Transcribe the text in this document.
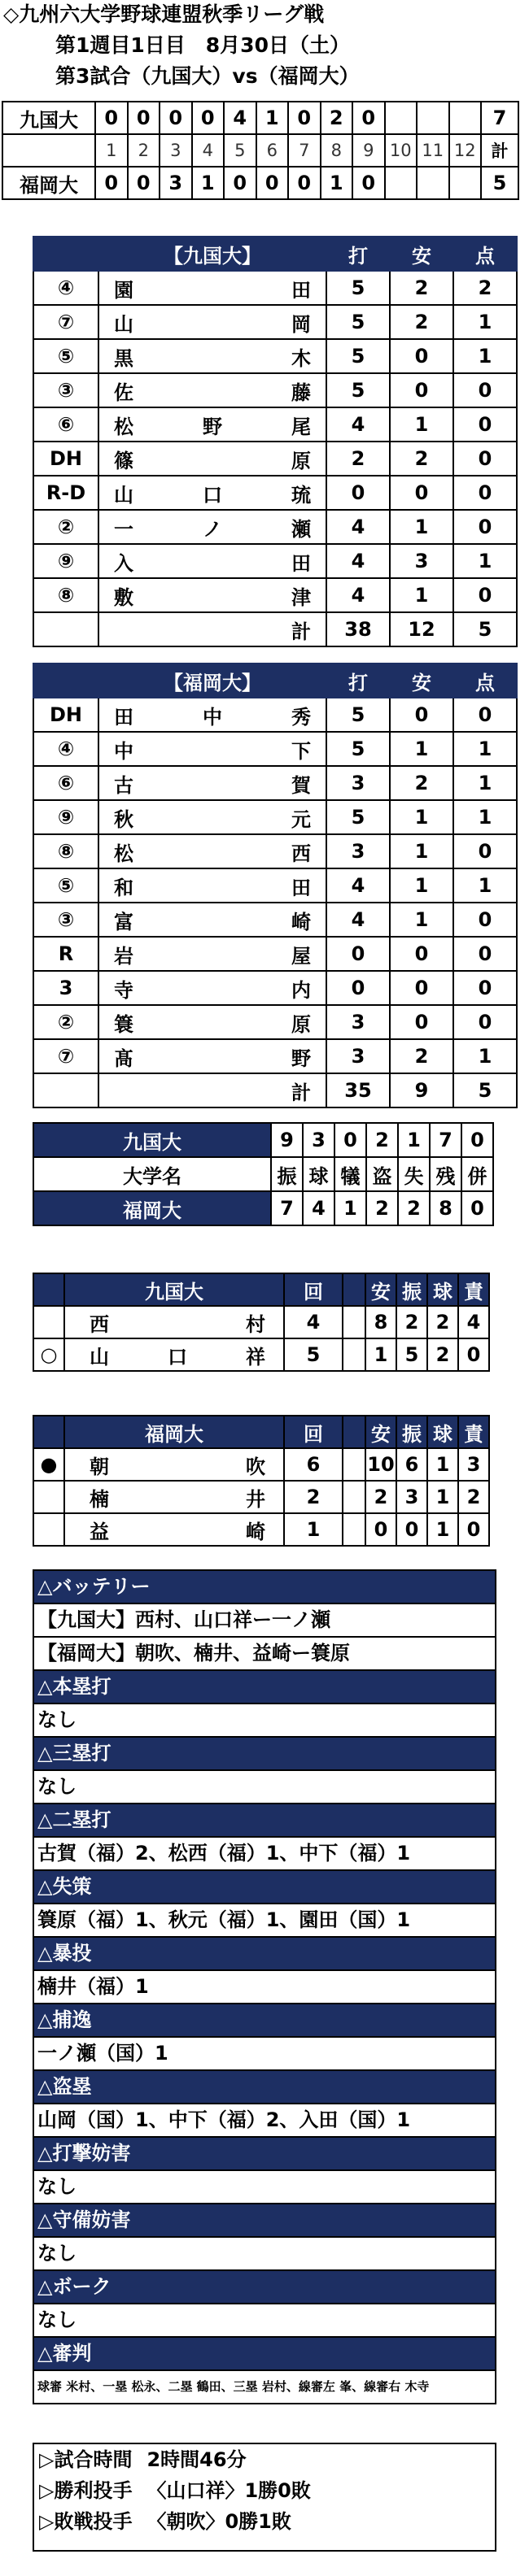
◇九州六大学野球連盟秋季リーグ戦
第1週目1日目　8月30日（土）
第3試合（九国大）vs（福岡大）
九国大	0	0	0	0	4	1	0	2	0				7
	1	2	3	4	5	6	7	8	9	10	11	12	計
福岡大	0	0	3	1	0	0	0	1	0				5
	【九国大】	打	安	点
④	園 田	5	2	2
⑦	山 岡	5	2	1
⑤	黒 木	5	0	1
③	佐 藤	5	0	0
⑥	松 野 尾	4	1	0
DH	篠 原	2	2	0
R-D	山 口 琉	0	0	0
②	一 ノ 瀬	4	1	0
⑨	入 田	4	3	1
⑧	敷 津	4	1	0
	計	38	12	5
	【福岡大】	打	安	点
DH	田 中 秀	5	0	0
④	中 下	5	1	1
⑥	古 賀	3	2	1
⑨	秋 元	5	1	1
⑧	松 西	3	1	0
⑤	和 田	4	1	1
③	富 崎	4	1	0
R	岩 屋	0	0	0
3	寺 内	0	0	0
②	簑 原	3	0	0
⑦	髙 野	3	2	1
	計	35	9	5
九国大	9	3	0	2	1	7	0
大学名	振	球	犠	盗	失	残	併
福岡大	7	4	1	2	2	8	0
	九国大	回		安	振	球	責

	西 村	4		8	2	2	4
○	山 口 祥	5		1	5	2	0
	福岡大	回		安	振	球	責
●	朝 吹	6		10	6	1	3

	楠 井	2		2	3	1	2

	益 崎	1		0	0	1	0
△バッテリー
【九国大】西村、山口祥ー一ノ瀬
【福岡大】朝吹、楠井、益崎ー簑原
△本塁打
なし
△三塁打
なし
△二塁打
古賀（福）2、松西（福）1、中下（福）1
△失策
簑原（福）1、秋元（福）1、園田（国）1
△暴投
楠井（福）1
△捕逸
一ノ瀬（国）1
△盗塁
山岡（国）1、中下（福）2、入田（国）1
△打撃妨害
なし
△守備妨害
なし
△ボーク
なし
△審判
球審 米村、一塁 松永、二塁 鶴田、三塁 岩村、線審左 峯、線審右 木寺
▷試合時間 2時間46分
▷勝利投手 〈山口祥〉1勝0敗
▷敗戦投手 〈朝吹〉0勝1敗
